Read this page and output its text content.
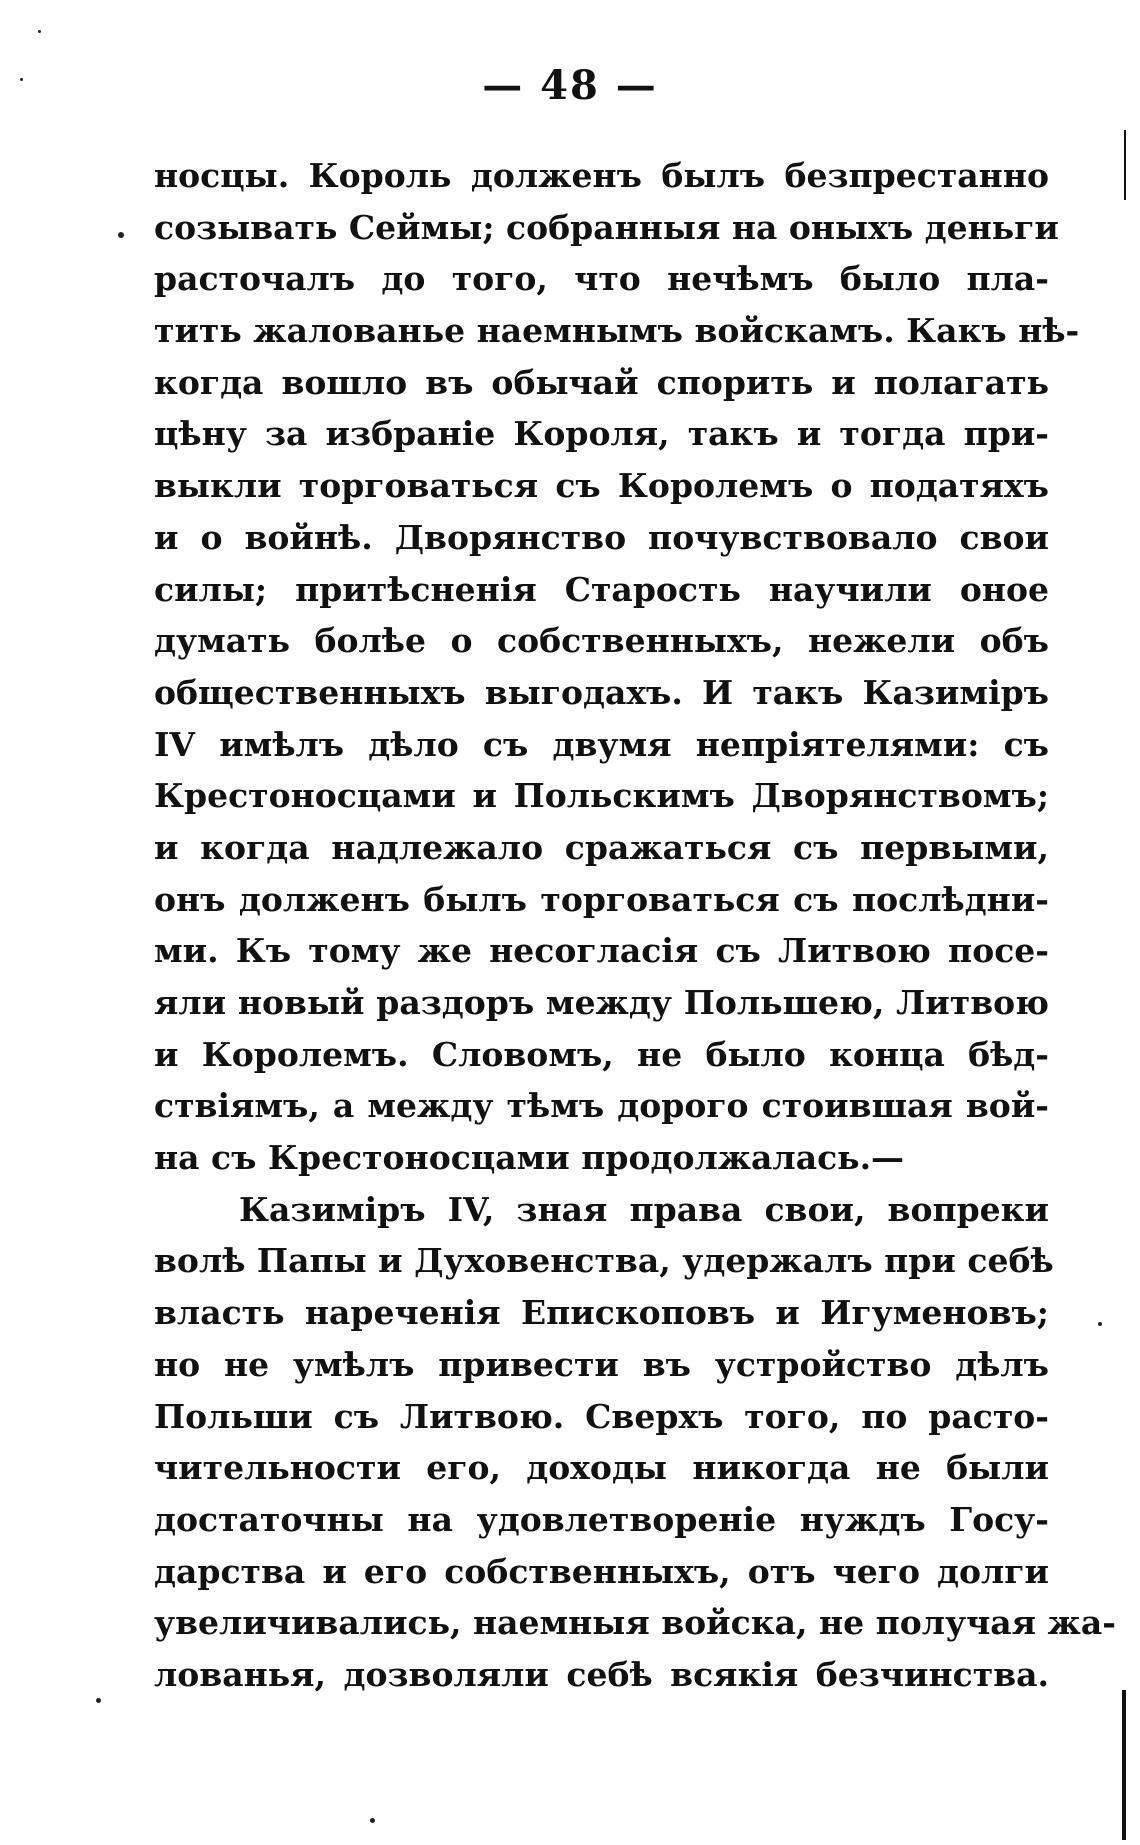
— 48 —
носцы. Король долженъ былъ безпрестанно
созывать Сеймы; собранныя на оныхъ деньги
расточалъ до того, что нечѣмъ было пла-
тить жалованье наемнымъ войскамъ. Какъ нѣ-
когда вошло въ обычай спорить и полагать
цѣну за избраніе Короля, такъ и тогда при-
выкли торговаться съ Королемъ о податяхъ
и о войнѣ. Дворянство почувствовало свои
силы; притѣсненія Старость научили оное
думать болѣе о собственныхъ, нежели объ
общественныхъ выгодахъ. И такъ Казиміръ
IV имѣлъ дѣло съ двумя непріятелями: съ
Крестоносцами и Польскимъ Дворянствомъ;
и когда надлежало сражаться съ первыми,
онъ долженъ былъ торговаться съ послѣдни-
ми. Къ тому же несогласія съ Литвою посе-
яли новый раздоръ между Польшею, Литвою
и Королемъ. Словомъ, не было конца бѣд-
ствіямъ, а между тѣмъ дорого стоившая вой-
на съ Крестоносцами продолжалась.—
Казиміръ IV, зная права свои, вопреки
волѣ Папы и Духовенства, удержалъ при себѣ
власть нареченія Епископовъ и Игуменовъ;
но не умѣлъ привести въ устройство дѣлъ
Польши съ Литвою. Сверхъ того, по расто-
чительности его, доходы никогда не были
достаточны на удовлетвореніе нуждъ Госу-
дарства и его собственныхъ, отъ чего долги
увеличивались, наемныя войска, не получая жа-
лованья, дозволяли себѣ всякія безчинства.
